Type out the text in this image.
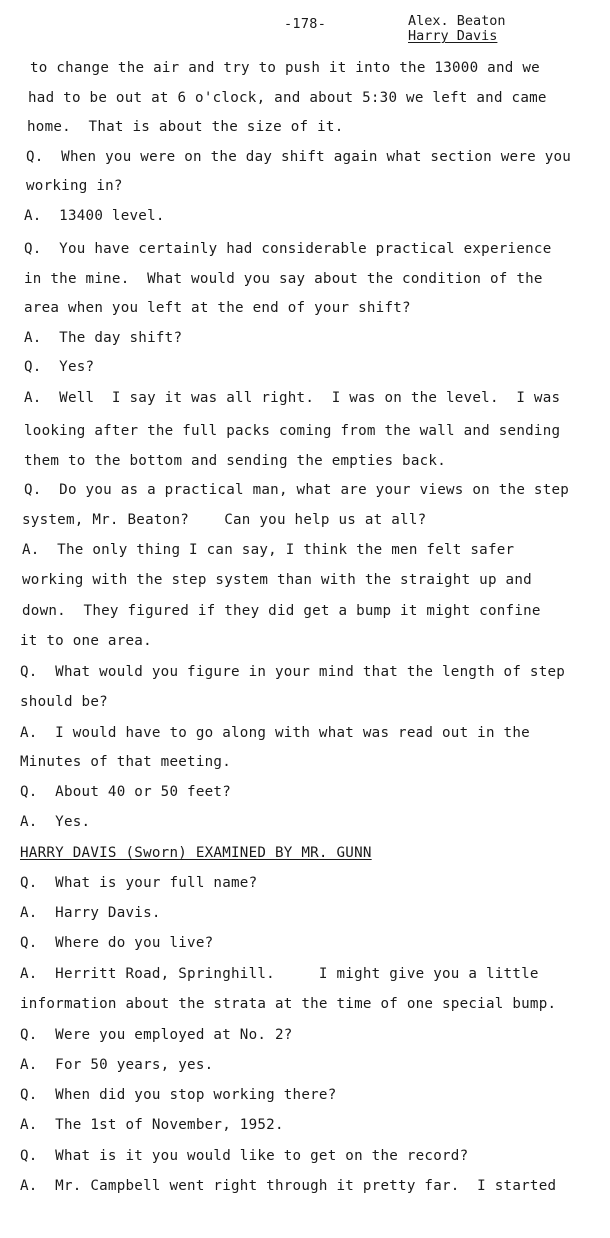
-178-	Alex. Beaton
Harry Davis
to change the air and try to push it into the 13000 and we
had to be out at 6 o'clock, and about 5:30 we left and came
home.  That is about the size of it.
Q.  When you were on the day shift again what section were you
working in?
A.  13400 level.
Q.  You have certainly had considerable practical experience
in the mine.  What would you say about the condition of the
area when you left at the end of your shift?
A.  The day shift?
Q.  Yes?
A.  Well  I say it was all right.  I was on the level.  I was
looking after the full packs coming from the wall and sending
them to the bottom and sending the empties back.
Q.  Do you as a practical man, what are your views on the step
system, Mr. Beaton?    Can you help us at all?
A.  The only thing I can say, I think the men felt safer
working with the step system than with the straight up and
down.  They figured if they did get a bump it might confine
it to one area.
Q.  What would you figure in your mind that the length of step
should be?
A.  I would have to go along with what was read out in the
Minutes of that meeting.
Q.  About 40 or 50 feet?
A.  Yes.
HARRY DAVIS (Sworn) EXAMINED BY MR. GUNN
Q.  What is your full name?
A.  Harry Davis.
Q.  Where do you live?
A.  Herritt Road, Springhill.     I might give you a little
information about the strata at the time of one special bump.
Q.  Were you employed at No. 2?
A.  For 50 years, yes.
Q.  When did you stop working there?
A.  The 1st of November, 1952.
Q.  What is it you would like to get on the record?
A.  Mr. Campbell went right through it pretty far.  I started
